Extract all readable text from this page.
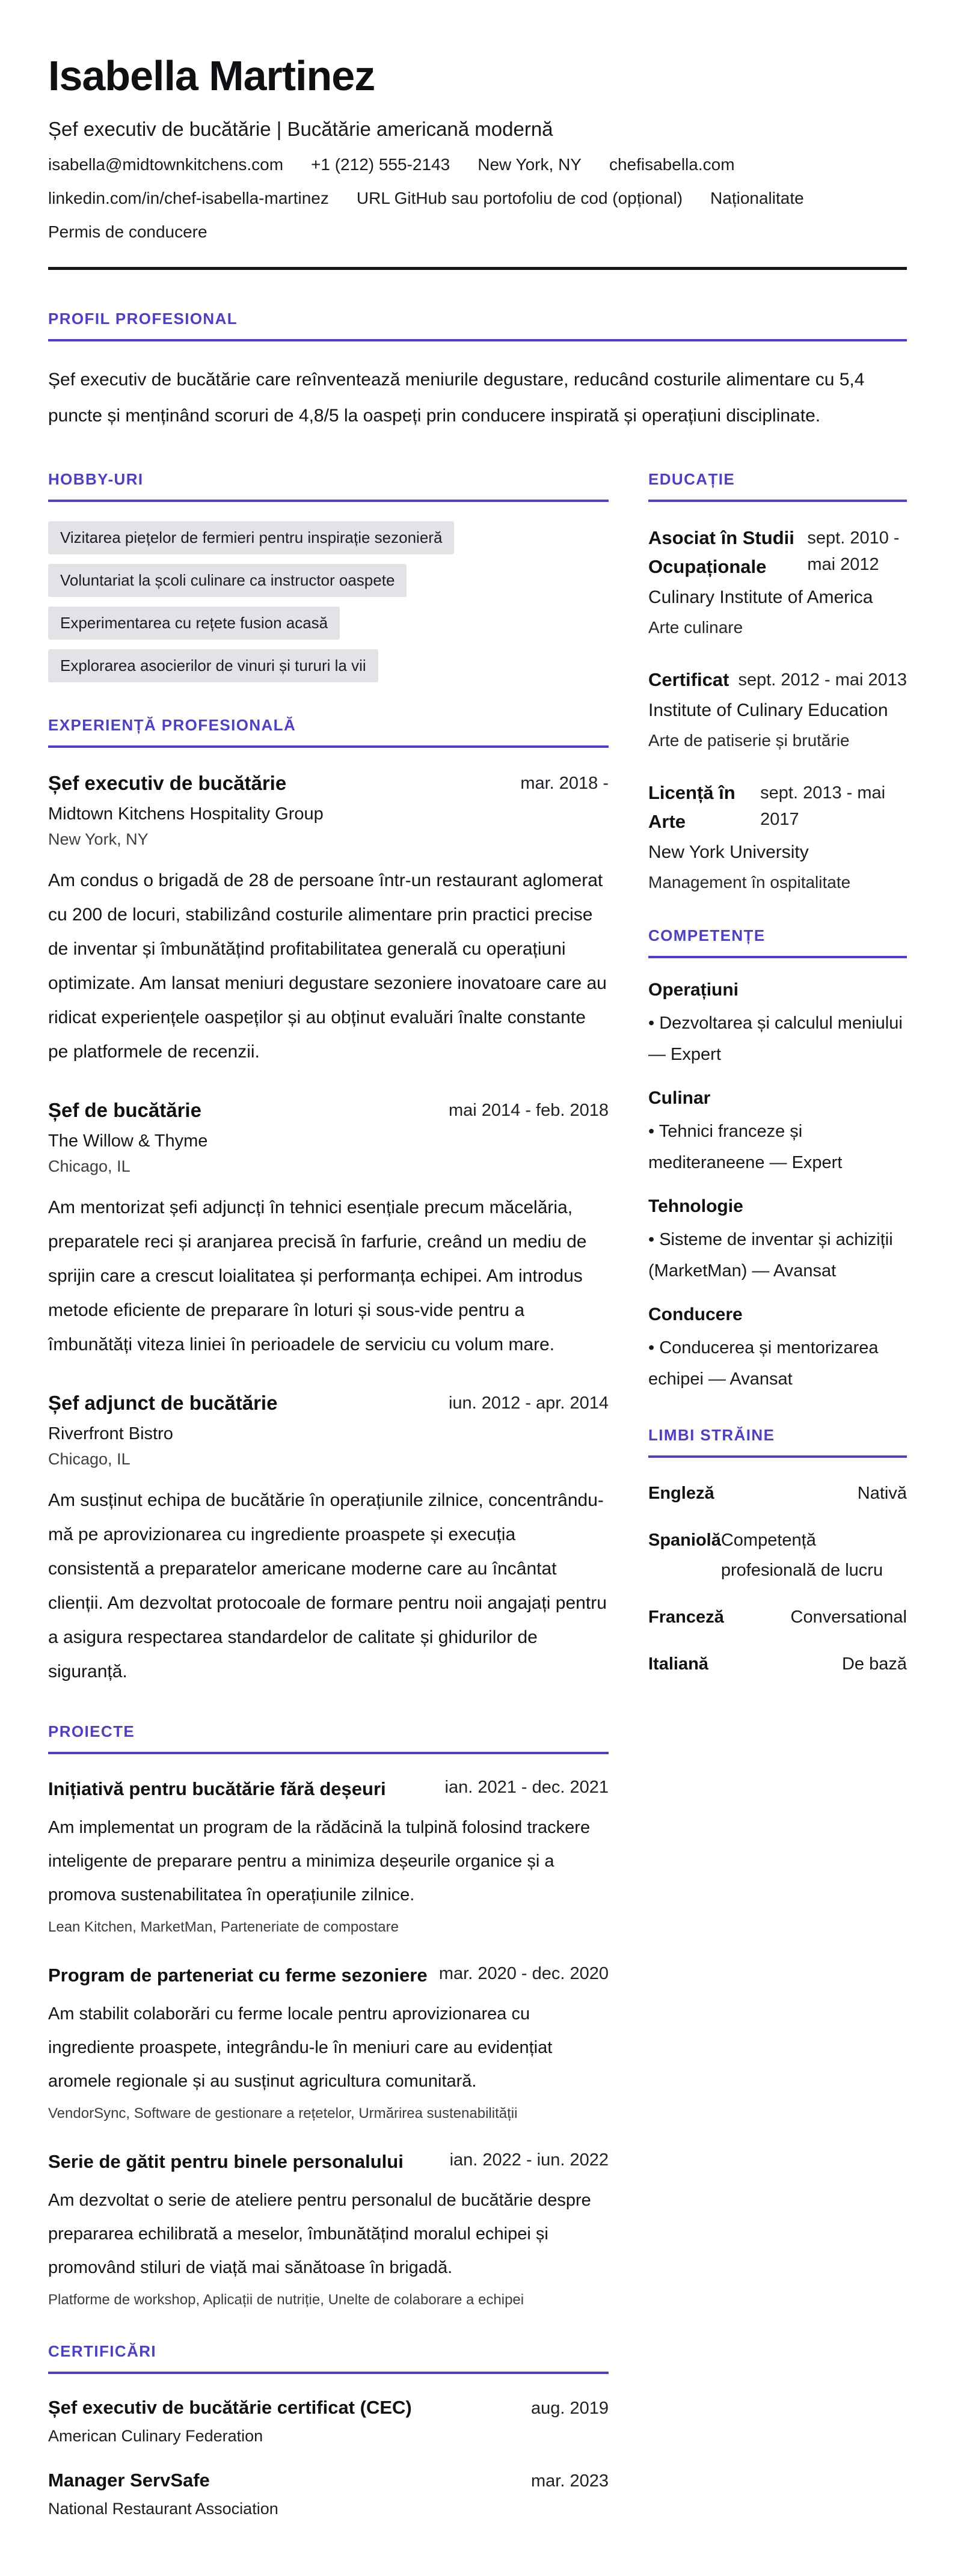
Isabella Martinez
Șef executiv de bucătărie | Bucătărie americană modernă
isabella@midtownkitchens.com +1 (212) 555-2143 New York, NY chefisabella.com
linkedin.com/in/chef-isabella-martinez URL GitHub sau portofoliu de cod (opțional) Naționalitate
Permis de conducere
PROFIL PROFESIONAL

Șef executiv de bucătărie care reînventează meniurile degustare, reducând costurile alimentare cu 5,4 puncte și menținând scoruri de 4,8/5 la oaspeți prin conducere inspirată și operațiuni disciplinate.

HOBBY-URI
Vizitarea piețelor de fermieri pentru inspirație sezonieră
Voluntariat la școli culinare ca instructor oaspete
Experimentarea cu rețete fusion acasă
Explorarea asocierilor de vinuri și tururi la vii
EXPERIENȚĂ PROFESIONALĂ
Șef executiv de bucătărie	mar. 2018 -
Midtown Kitchens Hospitality Group
New York, NY

Am condus o brigadă de 28 de persoane într-un restaurant aglomerat cu 200 de locuri, stabilizând costurile alimentare prin practici precise de inventar și îmbunătățind profitabilitatea generală cu operațiuni optimizate. Am lansat meniuri degustare sezoniere inovatoare care au ridicat experiențele oaspeților și au obținut evaluări înalte constante pe platformele de recenzii.

Șef de bucătărie	mai 2014 - feb. 2018
The Willow & Thyme
Chicago, IL

Am mentorizat șefi adjuncți în tehnici esențiale precum măcelăria, preparatele reci și aranjarea precisă în farfurie, creând un mediu de sprijin care a crescut loialitatea și performanța echipei. Am introdus metode eficiente de preparare în loturi și sous-vide pentru a îmbunătăți viteza liniei în perioadele de serviciu cu volum mare.

Șef adjunct de bucătărie	iun. 2012 - apr. 2014
Riverfront Bistro
Chicago, IL

Am susținut echipa de bucătărie în operațiunile zilnice, concentrându-mă pe aprovizionarea cu ingrediente proaspete și execuția consistentă a preparatelor americane moderne care au încântat clienții. Am dezvoltat protocoale de formare pentru noii angajați pentru a asigura respectarea standardelor de calitate și ghidurilor de siguranță.

PROIECTE
Inițiativă pentru bucătărie fără deșeuri	ian. 2021 - dec. 2021

Am implementat un program de la rădăcină la tulpină folosind trackere inteligente de preparare pentru a minimiza deșeurile organice și a promova sustenabilitatea în operațiunile zilnice.

Lean Kitchen, MarketMan, Parteneriate de compostare
Program de parteneriat cu ferme sezoniere mar. 2020 - dec. 2020

Am stabilit colaborări cu ferme locale pentru aprovizionarea cu ingrediente proaspete, integrându-le în meniuri care au evidențiat aromele regionale și au susținut agricultura comunitară.

VendorSync, Software de gestionare a rețetelor, Urmărirea sustenabilității
Serie de gătit pentru binele personalului	ian. 2022 - iun. 2022

Am dezvoltat o serie de ateliere pentru personalul de bucătărie despre prepararea echilibrată a meselor, îmbunătățind moralul echipei și promovând stiluri de viață mai sănătoase în brigadă.

Platforme de workshop, Aplicații de nutriție, Unelte de colaborare a echipei
CERTIFICĂRI
Șef executiv de bucătărie certificat (CEC)	aug. 2019
American Culinary Federation
Manager ServSafe	mar. 2023
National Restaurant Association
EDUCAȚIE
Asociat în Studii Ocupaționale
sept. 2010 - mai 2012
Culinary Institute of America
Arte culinare
Certificat sept. 2012 - mai 2013
Institute of Culinary Education
Arte de patiserie și brutărie
Licență în Arte
sept. 2013 - mai 2017
New York University
Management în ospitalitate
COMPETENȚE
Operațiuni
• Dezvoltarea și calculul meniului — Expert
Culinar
• Tehnici franceze și mediteraneene — Expert
Tehnologie
• Sisteme de inventar și achiziții (MarketMan) — Avansat
Conducere
• Conducerea și mentorizarea echipei — Avansat
LIMBI STRĂINE
Engleză	Nativă
Spaniolă Competență profesională de lucru
Franceză	Conversational
Italiană	De bază
